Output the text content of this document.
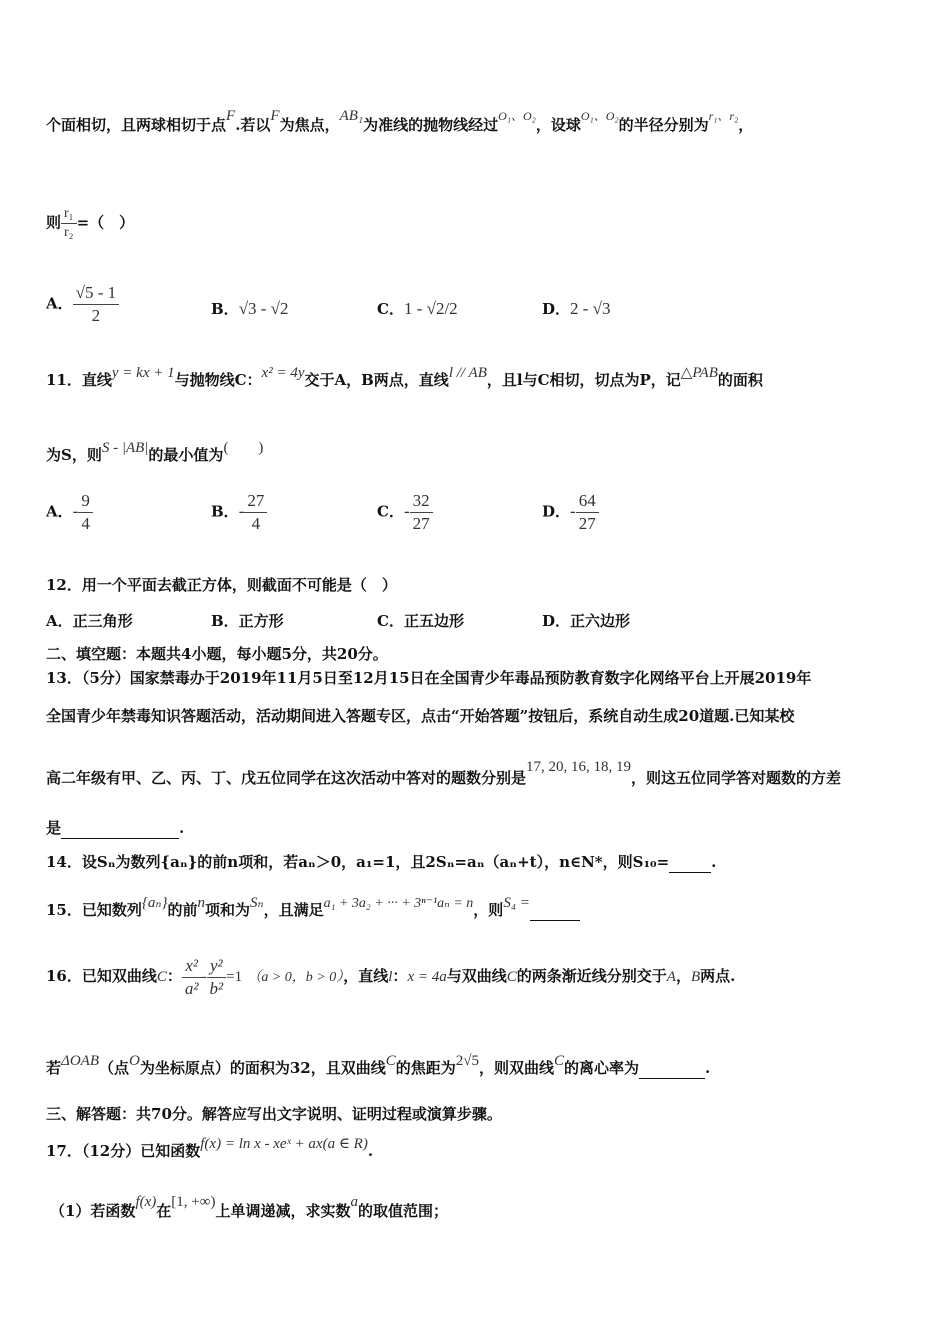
个面相切，且两球相切于点F.若以F为焦点，AB₁为准线的抛物线经过$^{O_1、O_2}$，设球$^{O_1、O_2}$的半径分别为$^{r_1、r_2}$，
则 $\frac{\text{r₁}}{\text{r₂}}$ =（　）
A． $\frac{√5 - 1}{2}$	B．√3 - √2	C．1 - √2/2	D．2 - √3
11．直线y = kx + 1与抛物线C：x² = 4y交于A，B两点，直线l // AB，且l与C相切，切点为P，记△PAB的面积
为S，则S - |AB|的最小值为(　　)
A．- $\frac{9}{4}$	B．- $\frac{27}{4}$	C．- $\frac{32}{27}$	D．- $\frac{64}{27}$
12．用一个平面去截正方体，则截面不可能是（　）
A．正三角形	B．正方形	C．正五边形	D．正六边形
二、填空题：本题共4小题，每小题5分，共20分。
13．（5分）国家禁毒办于2019年11月5日至12月15日在全国青少年毒品预防教育数字化网络平台上开展2019年
全国青少年禁毒知识答题活动，活动期间进入答题专区，点击“开始答题”按钮后，系统自动生成20道题.已知某校
高二年级有甲、乙、丙、丁、戊五位同学在这次活动中答对的题数分别是17, 20, 16, 18, 19，则这五位同学答对题数的方差
是	.
14．设Sₙ为数列{aₙ}的前n项和，若aₙ＞0，a₁=1，且2Sₙ=aₙ（aₙ+t），n∈N*，则S₁₀=	.
15．已知数列{aₙ}的前n项和为Sₙ，且满足a₁ + 3a₂ + ··· + 3ⁿ⁻¹aₙ = n，则S₄ =
16．已知双曲线C： $\frac{\text{x²}}{\text{a²}} - \frac{\text{y²}}{\text{b²}} =1$ （a > 0，b > 0），直线l：x = 4a与双曲线C的两条渐近线分别交于A，B两点.
若ΔOAB（点O为坐标原点）的面积为32，且双曲线C的焦距为2√5，则双曲线C的离心率为	.
三、解答题：共70分。解答应写出文字说明、证明过程或演算步骤。
17．（12分）已知函数f(x) = ln x - xeˣ + ax(a ∈ R).
（1）若函数f(x)在[1, +∞)上单调递减，求实数a的取值范围；
